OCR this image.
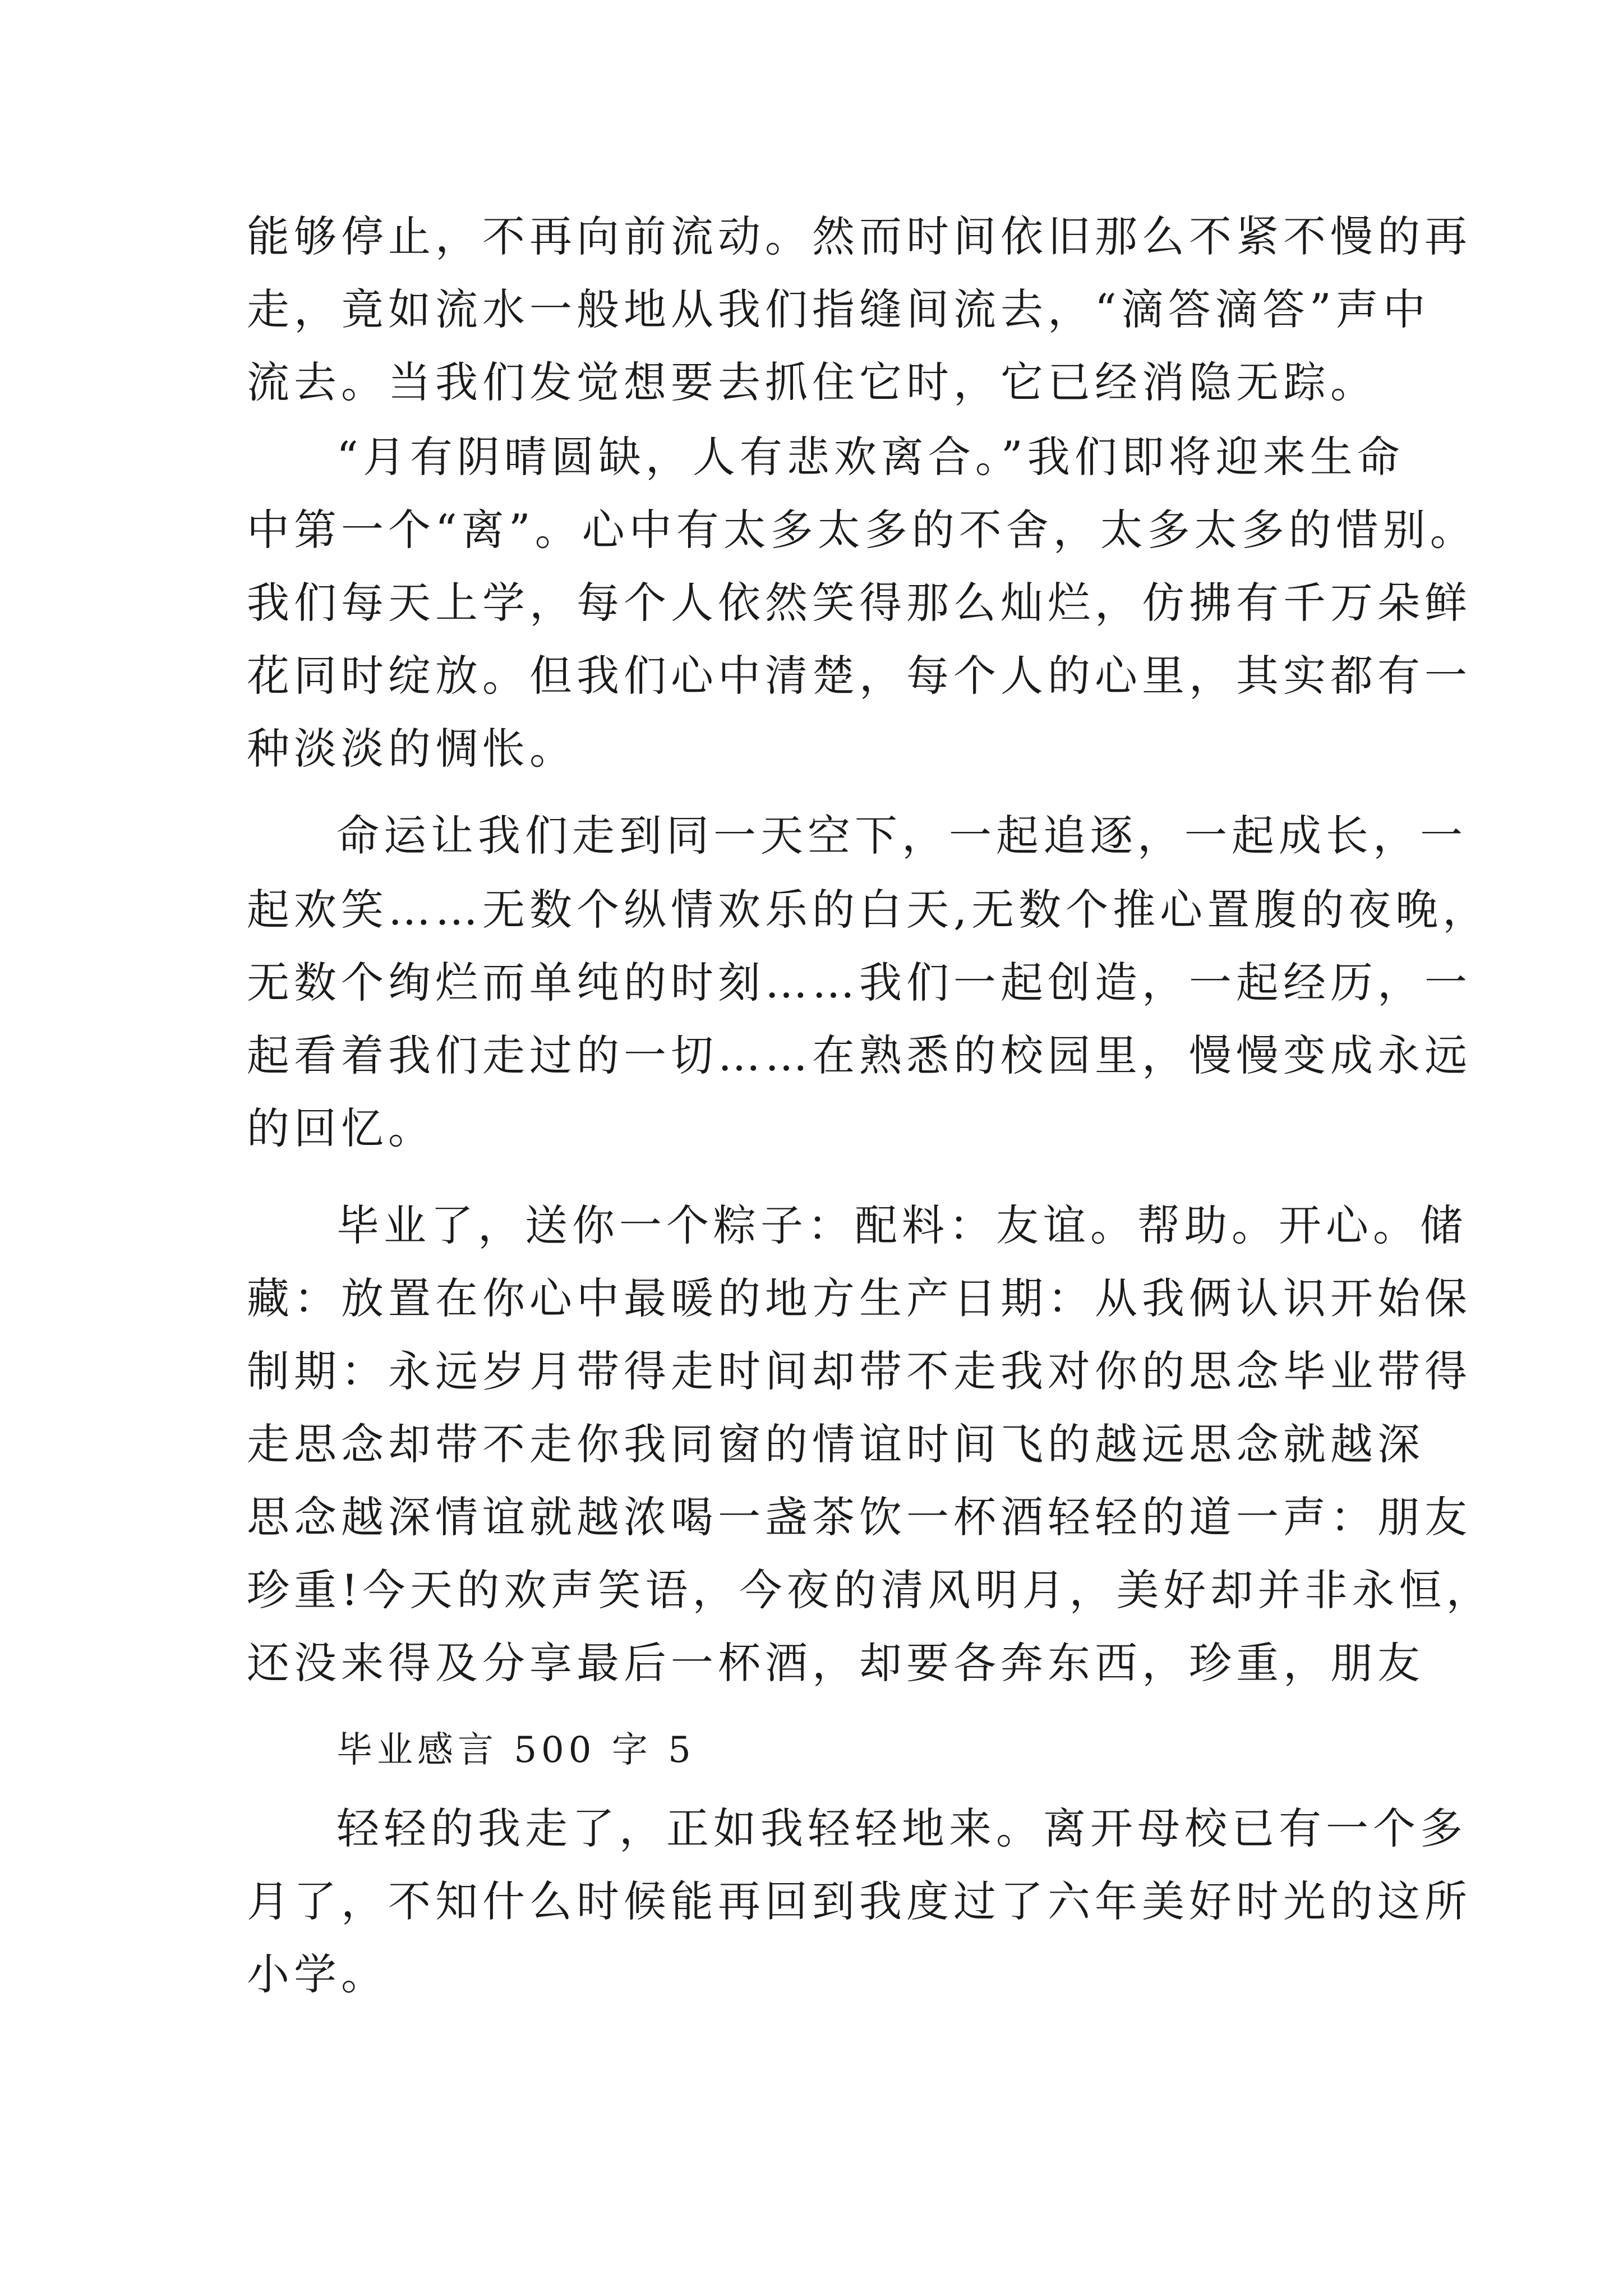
能够停止，不再向前流动。然而时间依旧那么不紧不慢的再
走，竟如流水一般地从我们指缝间流去，“滴答滴答”声中
流去。当我们发觉想要去抓住它时，它已经消隐无踪。
“月有阴晴圆缺，人有悲欢离合。”我们即将迎来生命
中第一个“离”。心中有太多太多的不舍，太多太多的惜别。
我们每天上学，每个人依然笑得那么灿烂，仿拂有千万朵鲜
花同时绽放。但我们心中清楚，每个人的心里，其实都有一
种淡淡的惆怅。
命运让我们走到同一天空下，一起追逐，一起成长，一
起欢笑……无数个纵情欢乐的白天,无数个推心置腹的夜晚，
无数个绚烂而单纯的时刻……我们一起创造，一起经历，一
起看着我们走过的一切……在熟悉的校园里，慢慢变成永远
的回忆。
毕业了，送你一个粽子：配料：友谊。帮助。开心。储
藏：放置在你心中最暖的地方生产日期：从我俩认识开始保
制期：永远岁月带得走时间却带不走我对你的思念毕业带得
走思念却带不走你我同窗的情谊时间飞的越远思念就越深
思念越深情谊就越浓喝一盏茶饮一杯酒轻轻的道一声：朋友
珍重!今天的欢声笑语，今夜的清风明月，美好却并非永恒，
还没来得及分享最后一杯酒，却要各奔东西，珍重，朋友
毕业感言 500 字 5
轻轻的我走了，正如我轻轻地来。离开母校已有一个多
月了，不知什么时候能再回到我度过了六年美好时光的这所
小学。
